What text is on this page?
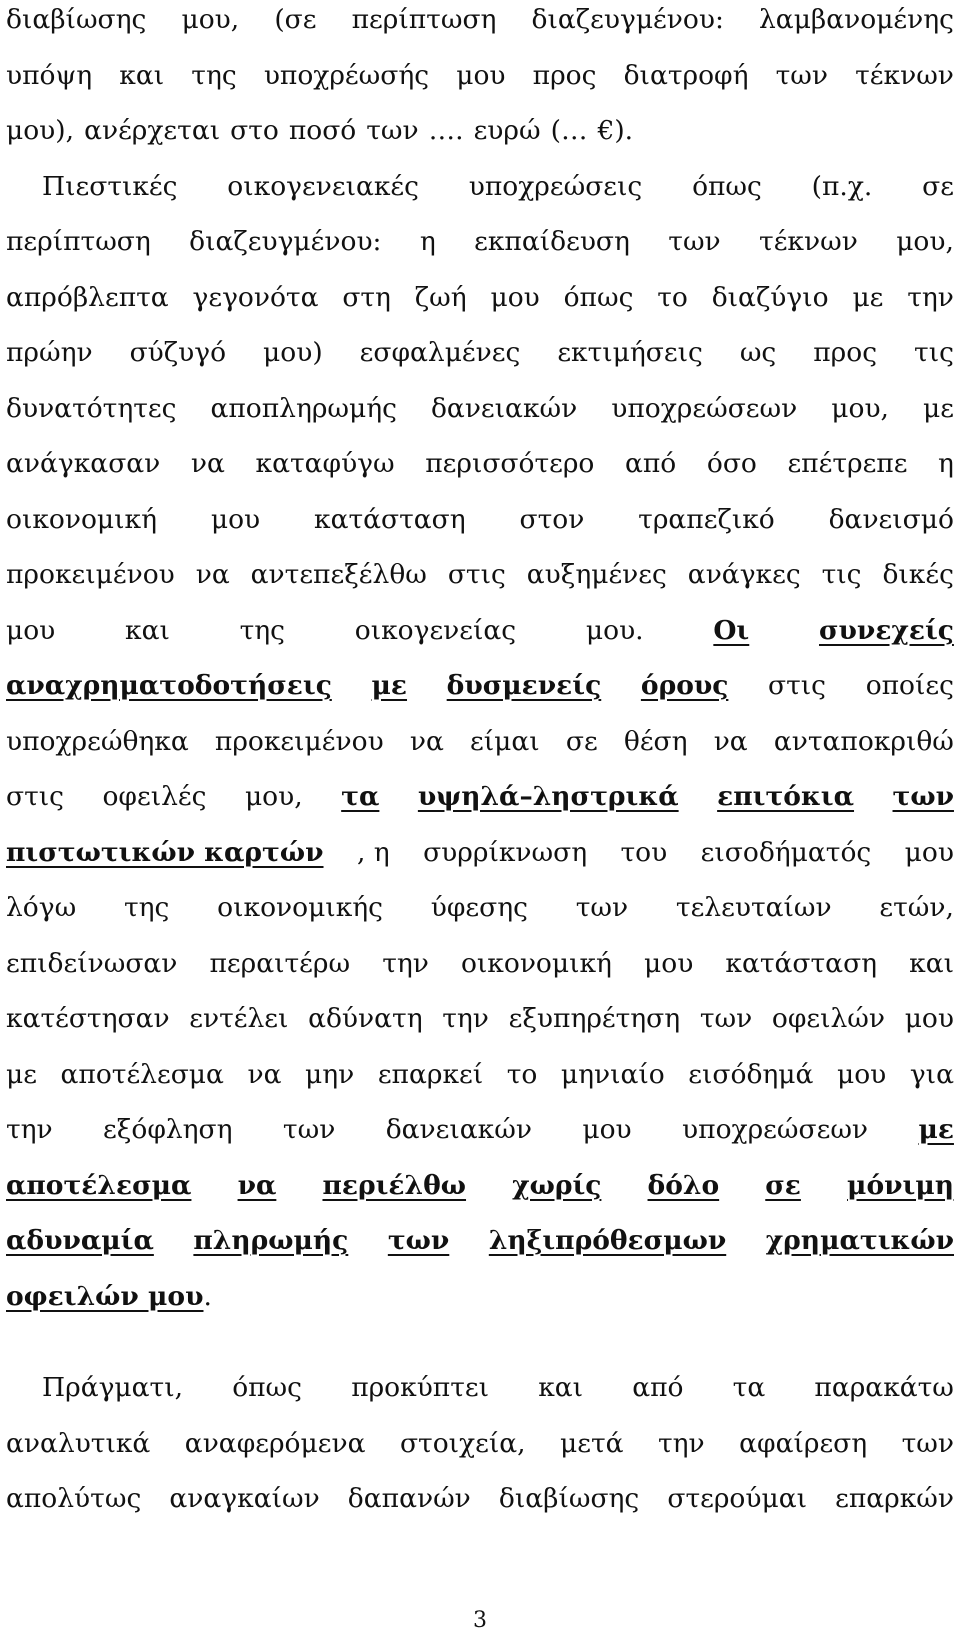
διαβίωσης μου, (σε περίπτωση διαζευγμένου: λαμβανομένης
υπόψη και της υποχρέωσής μου προς διατροφή των τέκνων
μου), ανέρχεται στο ποσό των …. ευρώ (… €).
Πιεστικές οικογενειακές υποχρεώσεις όπως (π.χ. σε
περίπτωση διαζευγμένου: η εκπαίδευση των τέκνων μου,
απρόβλεπτα γεγονότα στη ζωή μου όπως το διαζύγιο με την
πρώην σύζυγό μου) εσφαλμένες εκτιμήσεις ως προς τις
δυνατότητες αποπληρωμής δανειακών υποχρεώσεων μου, με
ανάγκασαν να καταφύγω περισσότερο από όσο επέτρεπε η
οικονομική μου κατάσταση στον τραπεζικό δανεισμό
προκειμένου να αντεπεξέλθω στις αυξημένες ανάγκες τις δικές
μου	και	της	οικογενείας	μου.	Οι	συνεχείς
αναχρηματοδοτήσεις με δυσμενείς όρους στις οποίες
υποχρεώθηκα προκειμένου να είμαι σε θέση να ανταποκριθώ
στις οφειλές μου, τα υψηλά–ληστρικά επιτόκια των
πιστωτικών καρτών , η συρρίκνωση του εισοδήματός μου
λόγω της οικονομικής ύφεσης των τελευταίων ετών,
επιδείνωσαν περαιτέρω την οικονομική μου κατάσταση και
κατέστησαν εντέλει αδύνατη την εξυπηρέτηση των οφειλών μου
με αποτέλεσμα να μην επαρκεί το μηνιαίο εισόδημά μου για
την εξόφληση των δανειακών μου υποχρεώσεων με
αποτέλεσμα να περιέλθω χωρίς δόλο σε μόνιμη
αδυναμία πληρωμής των ληξιπρόθεσμων χρηματικών
οφειλών μου .
Πράγματι, όπως προκύπτει και από τα παρακάτω
αναλυτικά αναφερόμενα στοιχεία, μετά την αφαίρεση των
απολύτως αναγκαίων δαπανών διαβίωσης στερούμαι επαρκών
3
